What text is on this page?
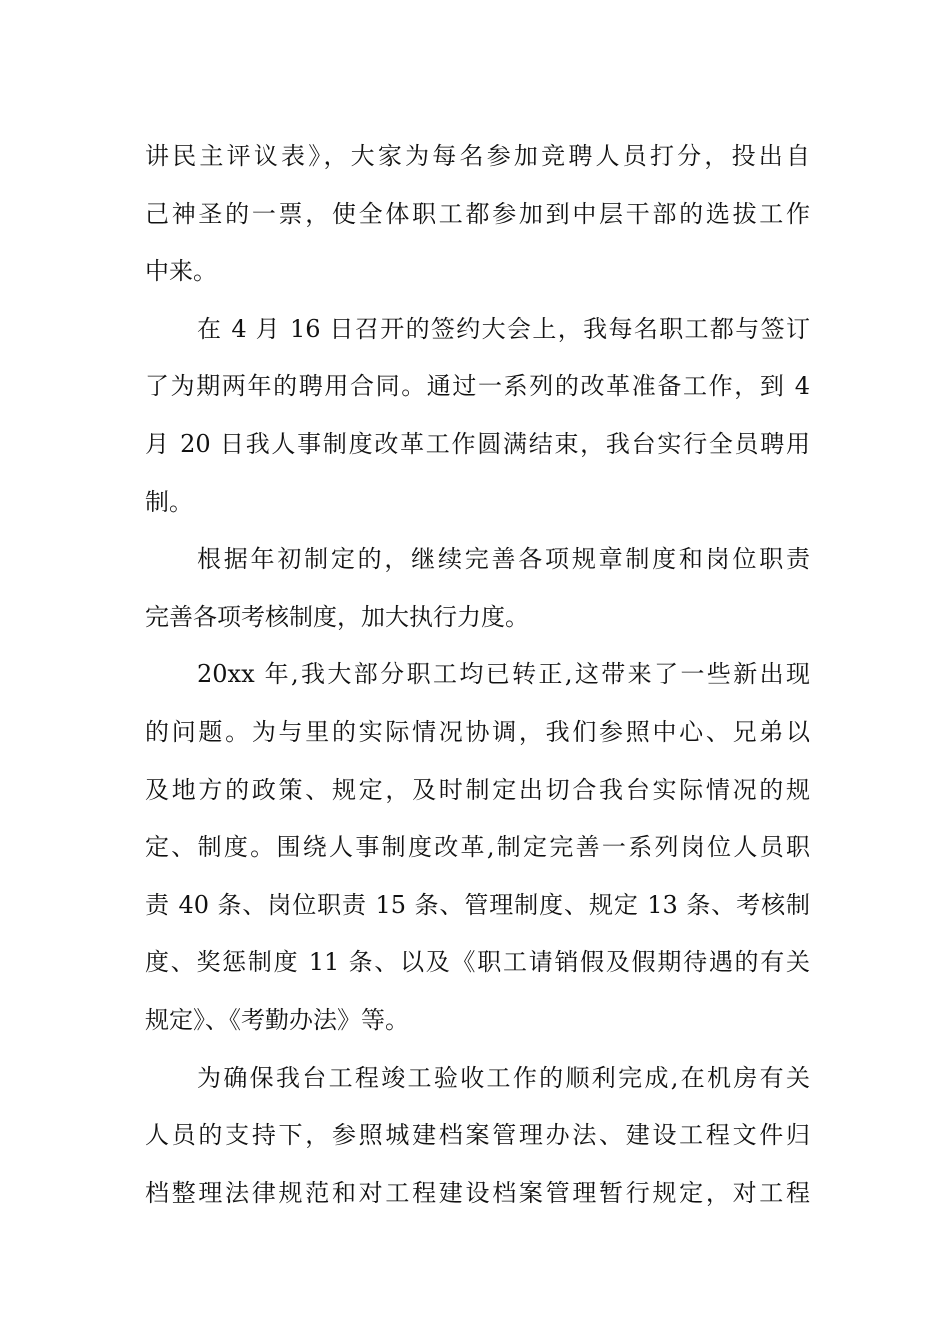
讲民主评议表》，大家为每名参加竞聘人员打分，投出自
己神圣的一票，使全体职工都参加到中层干部的选拔工作
中来。
在 4 月 16 日召开的签约大会上，我每名职工都与签订
了为期两年的聘用合同。通过一系列的改革准备工作，到 4
月 20 日我人事制度改革工作圆满结束，我台实行全员聘用
制。
根据年初制定的，继续完善各项规章制度和岗位职责
完善各项考核制度，加大执行力度。
20xx 年,我大部分职工均已转正,这带来了一些新出现
的问题。为与里的实际情况协调，我们参照中心、兄弟以
及地方的政策、规定，及时制定出切合我台实际情况的规
定、制度。围绕人事制度改革,制定完善一系列岗位人员职
责 40 条、岗位职责 15 条、管理制度、规定 13 条、考核制
度、奖惩制度 11 条、以及《职工请销假及假期待遇的有关
规定》、《考勤办法》等。
为确保我台工程竣工验收工作的顺利完成,在机房有关
人员的支持下，参照城建档案管理办法、建设工程文件归
档整理法律规范和对工程建设档案管理暂行规定，对工程
